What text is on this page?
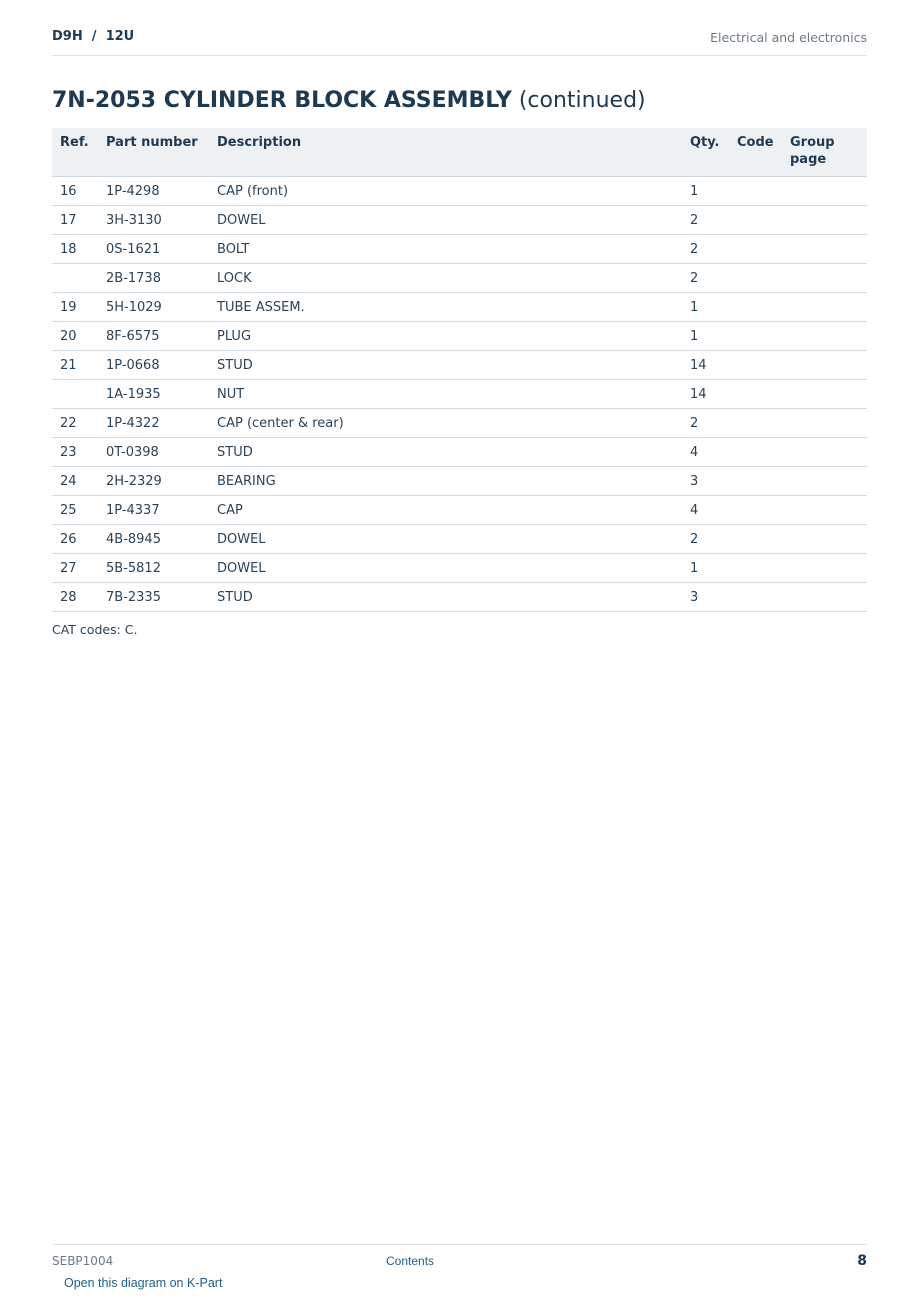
D9H  /  12U	Electrical and electronics
7N-2053 CYLINDER BLOCK ASSEMBLY (continued)
Ref.	Part number	Description	Qty.	Code	Group page
16	1P-4298	CAP (front)	1		
17	3H-3130	DOWEL	2		
18	0S-1621	BOLT	2		
	2B-1738	LOCK	2		
19	5H-1029	TUBE ASSEM.	1		
20	8F-6575	PLUG	1		
21	1P-0668	STUD	14		
	1A-1935	NUT	14		
22	1P-4322	CAP (center & rear)	2		
23	0T-0398	STUD	4		
24	2H-2329	BEARING	3		
25	1P-4337	CAP	4		
26	4B-8945	DOWEL	2		
27	5B-5812	DOWEL	1		
28	7B-2335	STUD	3		
CAT codes: C.
SEBP1004	Contents	8
Open this diagram on K-Part
